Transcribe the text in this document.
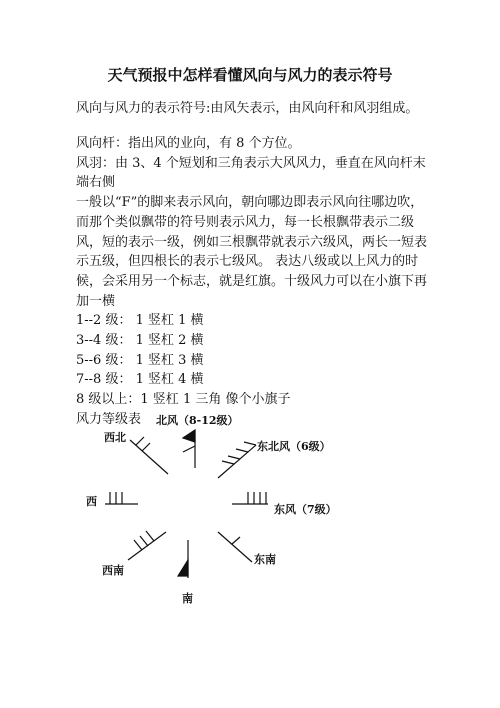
天气预报中怎样看懂风向与风力的表示符号
风向与风力的表示符号:由风矢表示，由风向秆和风羽组成。

风向杆：指出风的业向，有 8 个方位。

风羽：由 3、4 个短划和三角表示大风风力，垂直在风向杆末端右侧

一般以“F”的脚来表示风向，朝向哪边即表示风向往哪边吹，而那个类似飘带的符号则表示风力，每一长根飘带表示二级风，短的表示一级，例如三根飘带就表示六级风，两长一短表示五级，但四根长的表示七级风。 表达八级或以上风力的时候，会采用另一个标志，就是红旗。十级风力可以在小旗下再加一横

1--2 级： 1 竖杠 1 横

3--4 级： 1 竖杠 2 横

5--6 级： 1 竖杠 3 横

7--8 级： 1 竖杠 4 横

8 级以上：1 竖杠 1 三角 像个小旗子

风力等级表	北风（8-12级）
西北
东北风（6级）
西
东风（7级）
西南
东南
南
